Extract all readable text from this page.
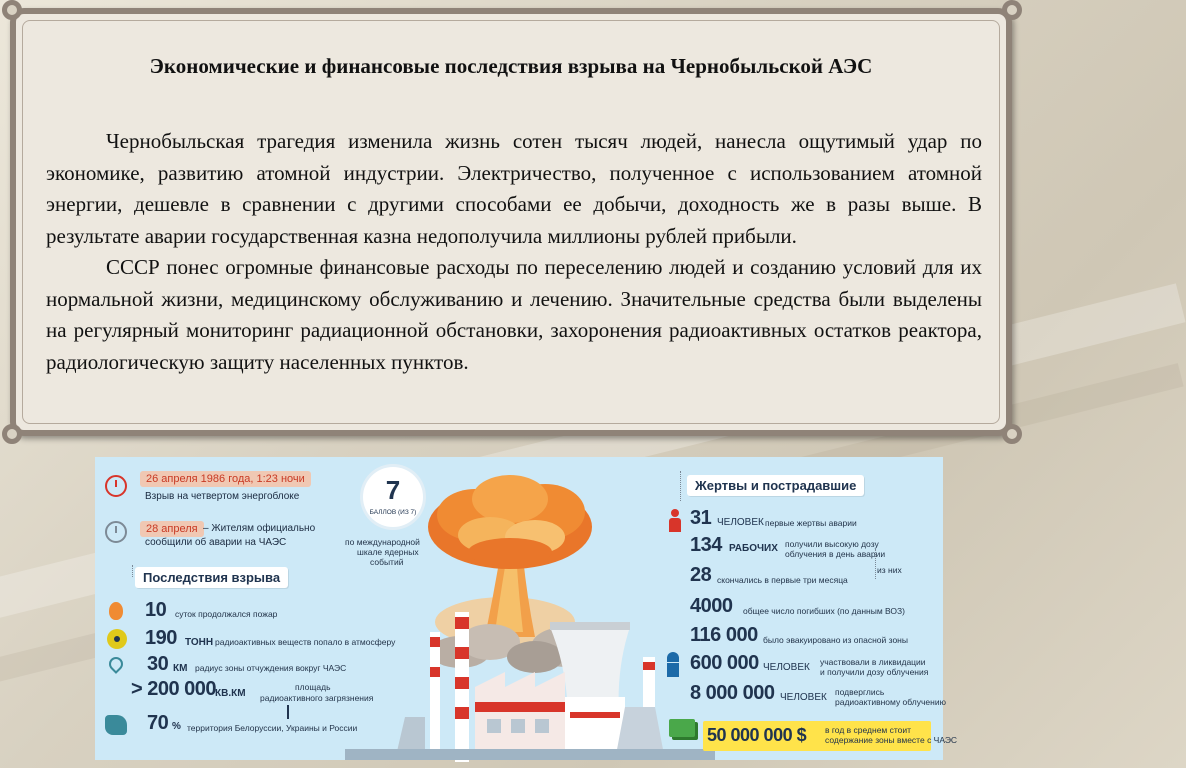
Экономические и финансовые последствия взрыва на Чернобыльской АЭС

Чернобыльская трагедия изменила жизнь сотен тысяч людей, нанесла ощутимый удар по экономике, развитию атомной индустрии. Электричество, полученное с использованием атомной энергии, дешевле в сравнении с другими способами ее добычи, доходность же в разы выше. В результате аварии государственная казна недополучила миллионы рублей прибыли.

СССР понес огромные финансовые расходы по переселению людей и созданию условий для их нормальной жизни, медицинскому обслуживанию и лечению. Значительные средства были выделены на регулярный мониторинг радиационной обстановки, захоронения радиоактивных остатков реактора, радиологическую защиту населенных пунктов.

26 апреля 1986 года, 1:23 ночи
Взрыв на четвертом энергоблоке
28 апреля – Жителям официально
сообщили об аварии на ЧАЭС
7
БАЛЛОВ (ИЗ 7)
по международной
шкале ядерных
событий
Последствия взрыва
10 суток продолжался пожар
190 ТОНН радиоактивных веществ попало в атмосферу
30 КМ радиус зоны отчуждения вокруг ЧАЭС
> 200 000
КВ.КМ
площадь
радиоактивного загрязнения
70 % территория Белоруссии, Украины и России
Жертвы и пострадавшие
31 ЧЕЛОВЕК первые жертвы аварии
134 РАБОЧИХ получили высокую дозу
облучения в день аварии
из них
28 скончались в первые три месяца
4000 общее число погибших (по данным ВОЗ)
116 000 было эвакуировано из опасной зоны
600 000 ЧЕЛОВЕК участвовали в ликвидации
и получили дозу облучения
8 000 000 ЧЕЛОВЕК подверглись
радиоактивному облучению
50 000 000 $ в год в среднем стоит
содержание зоны вместе с ЧАЭС
